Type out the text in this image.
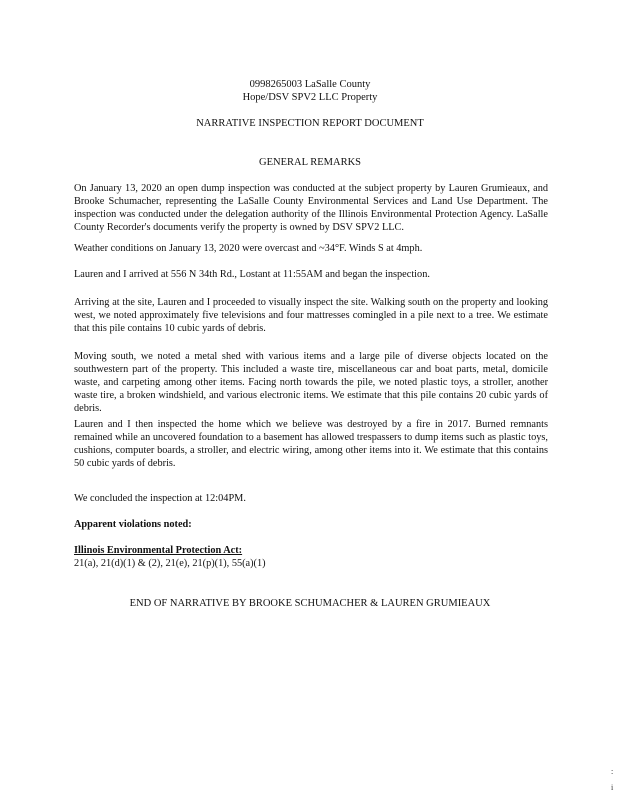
0998265003 LaSalle County
Hope/DSV SPV2 LLC Property
NARRATIVE INSPECTION REPORT DOCUMENT
GENERAL REMARKS
On January 13, 2020 an open dump inspection was conducted at the subject property by Lauren Grumieaux, and Brooke Schumacher, representing the LaSalle County Environmental Services and Land Use Department. The inspection was conducted under the delegation authority of the Illinois Environmental Protection Agency. LaSalle County Recorder's documents verify the property is owned by DSV SPV2 LLC.
Weather conditions on January 13, 2020 were overcast and ~34°F. Winds S at 4mph.
Lauren and I arrived at 556 N 34th Rd., Lostant at 11:55AM and began the inspection.
Arriving at the site, Lauren and I proceeded to visually inspect the site. Walking south on the property and looking west, we noted approximately five televisions and four mattresses comingled in a pile next to a tree. We estimate that this pile contains 10 cubic yards of debris.
Moving south, we noted a metal shed with various items and a large pile of diverse objects located on the southwestern part of the property. This included a waste tire, miscellaneous car and boat parts, metal, domicile waste, and carpeting among other items. Facing north towards the pile, we noted plastic toys, a stroller, another waste tire, a broken windshield, and various electronic items. We estimate that this pile contains 20 cubic yards of debris.
Lauren and I then inspected the home which we believe was destroyed by a fire in 2017. Burned remnants remained while an uncovered foundation to a basement has allowed trespassers to dump items such as plastic toys, cushions, computer boards, a stroller, and electric wiring, among other items into it. We estimate that this contains 50 cubic yards of debris.
We concluded the inspection at 12:04PM.
Apparent violations noted:
Illinois Environmental Protection Act:
21(a), 21(d)(1) & (2), 21(e), 21(p)(1), 55(a)(1)
END OF NARRATIVE BY BROOKE SCHUMACHER & LAUREN GRUMIEAUX
:
i
